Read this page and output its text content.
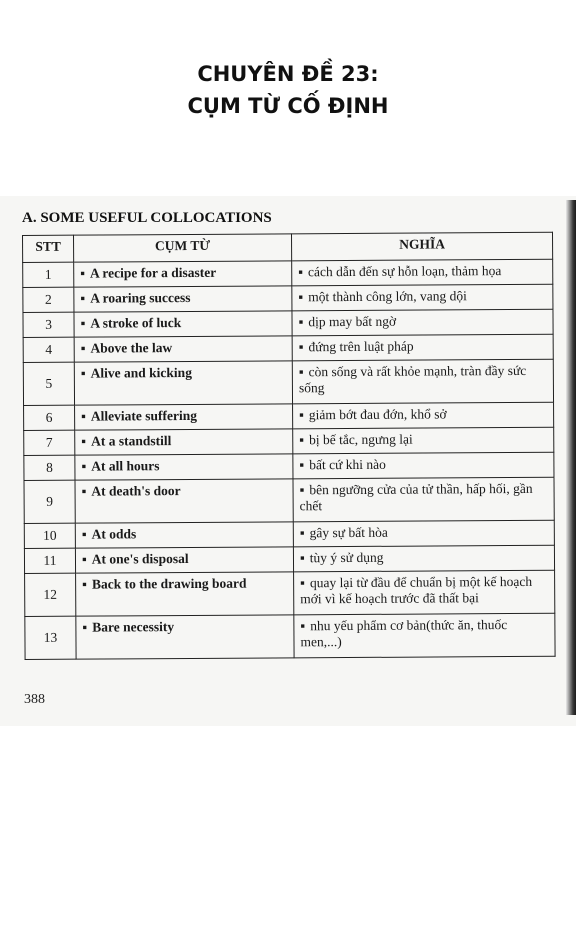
CHUYÊN ĐỀ 23:
CỤM TỪ CỐ ĐỊNH
A. SOME USEFUL COLLOCATIONS
STT	CỤM TỪ	NGHĨA
1	▪ A recipe for a disaster	▪ cách dẫn đến sự hỗn loạn, thảm họa
2	▪ A roaring success	▪ một thành công lớn, vang dội
3	▪ A stroke of luck	▪ dịp may bất ngờ
4	▪ Above the law	▪ đứng trên luật pháp
5	▪ Alive and kicking	▪ còn sống và rất khỏe mạnh, tràn đầy sức sống
6	▪ Alleviate suffering	▪ giảm bớt đau đớn, khổ sở
7	▪ At a standstill	▪ bị bế tắc, ngưng lại
8	▪ At all hours	▪ bất cứ khi nào
9	▪ At death's door	▪ bên ngưỡng cửa của tử thần, hấp hối, gần chết
10	▪ At odds	▪ gây sự bất hòa
11	▪ At one's disposal	▪ tùy ý sử dụng
12	▪ Back to the drawing board	▪ quay lại từ đầu để chuẩn bị một kế hoạch mới vì kế hoạch trước đã thất bại
13	▪ Bare necessity	▪ nhu yếu phẩm cơ bản(thức ăn, thuốc men,...)
388
